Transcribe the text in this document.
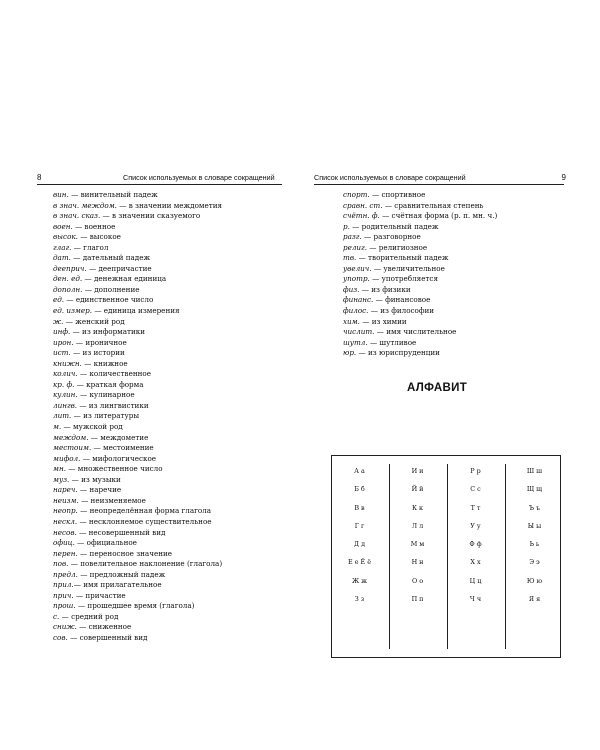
8	Список используемых в словаре сокращений
вин. — винительный падеж
в знач. междом. — в значении междометия
в знач. сказ. — в значении сказуемого
воен. — военное
высок. — высокое
глаг. — глагол
дат. — дательный падеж
дееприч. — деепричастие
ден. ед. — денежная единица
дополн. — дополнение
ед. — единственное число
ед. измер. — единица измерения
ж. — женский род
инф. — из информатики
ирон. — ироничное
ист. — из истории
книжн. — книжное
колич. — количественное
кр. ф. — краткая форма
кулин. — кулинарное
лингв. — из лингвистики
лит. — из литературы
м. — мужской род
междом. — междометие
местоим. — местоимение
мифол. — мифологическое
мн. — множественное число
муз. — из музыки
нареч. — наречие
неизм. — неизменяемое
неопр. — неопределённая форма глагола
нескл. — несклоняемое существительное
несов. — несовершенный вид
офиц. — официальное
перен. — переносное значение
пов. — повелительное наклонение (глагола)
предл. — предложный падеж
прил.— имя прилагательное
прич. — причастие
прош. — прошедшее время (глагола)
с. — средний род
сниж. — сниженное
сов. — совершенный вид
Список используемых в словаре сокращений	9
спорт. — спортивное
сравн. ст. — сравнительная степень
счётн. ф. — счётная форма (р. п. мн. ч.)
р. — родительный падеж
разг. — разговорное
религ. — религиозное
тв. — творительный падеж
увелич. — увеличительное
употр. — употребляется
физ. — из физики
финанс. — финансовое
филос. — из философии
хим. — из химии
числит. — имя числительное
шутл. — шутливое
юр. — из юриспруденции
АЛФАВИТ
А а
Б б
В в
Г г
Д д
Е е Ё ё
Ж ж
З з
И и
Й й
К к
Л л
М м
Н н
О о
П п
Р р
С с
Т т
У у
Ф ф
Х х
Ц ц
Ч ч
Ш ш
Щ щ
Ъ ъ
Ы ы
Ь ь
Э э
Ю ю
Я я
